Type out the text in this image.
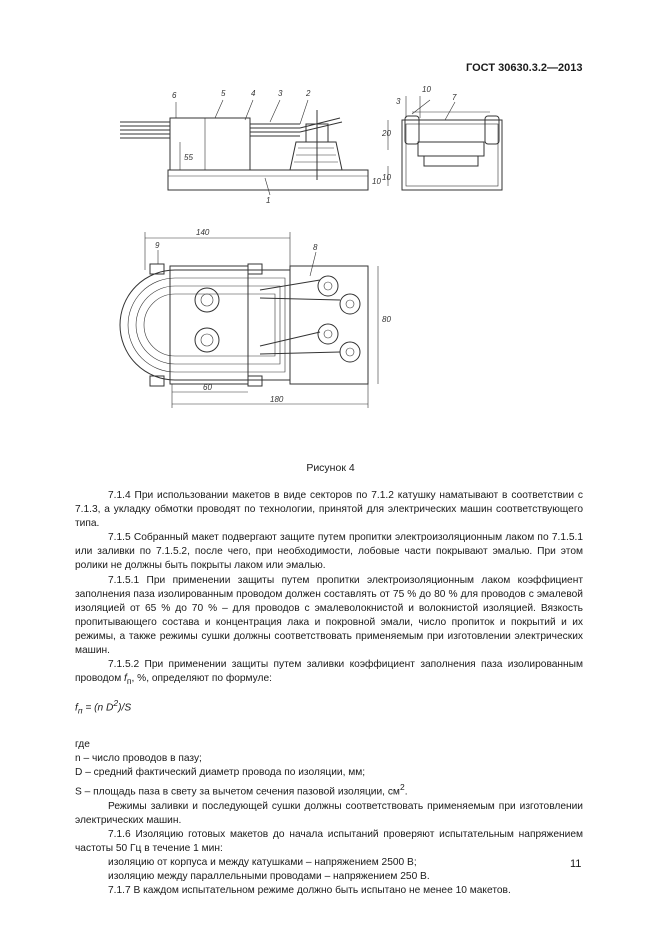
ГОСТ 30630.3.2—2013
6	5	4	3	2
55
10
1
3
10
7
20
10
140
9	8
80
60
180
Рисунок 4

7.1.4 При использовании макетов в виде секторов по 7.1.2 катушку наматывают в соответствии с 7.1.3, а укладку обмотки проводят по технологии, принятой для электрических машин соответствующего типа.

7.1.5 Собранный макет подвергают защите путем пропитки электроизоляционным лаком по 7.1.5.1 или заливки по 7.1.5.2, после чего, при необходимости, лобовые части покрывают эмалью. При этом ролики не должны быть покрыты лаком или эмалью.

7.1.5.1 При применении защиты путем пропитки электроизоляционным лаком коэффициент заполнения паза изолированным проводом должен составлять от 75 % до 80 % для проводов с эмалевой изоляцией от 65 % до 70 % – для проводов с эмалеволокнистой и волокнистой изоляцией. Вязкость пропитывающего состава и концентрация лака и покровной эмали, число пропиток и покрытий и их режимы, а также режимы сушки должны соответствовать применяемым при изготовлении электрических машин.

7.1.5.2 При применении защиты путем заливки коэффициент заполнения паза изолированным проводом $f_п$, %, определяют по формуле:

$f_п = (n$ $D^2)/S$

где

n – число проводов в пазу;

D – средний фактический диаметр провода по изоляции, мм;

S – площадь паза в свету за вычетом сечения пазовой изоляции, $см^2$.

Режимы заливки и последующей сушки должны соответствовать применяемым при изготовлении электрических машин.

7.1.6 Изоляцию готовых макетов до начала испытаний проверяют испытательным напряжением частоты 50 Гц в течение 1 мин:

изоляцию от корпуса и между катушками – напряжением 2500 В;

изоляцию между параллельными проводами – напряжением 250 В.

7.1.7 В каждом испытательном режиме должно быть испытано не менее 10 макетов.

11
